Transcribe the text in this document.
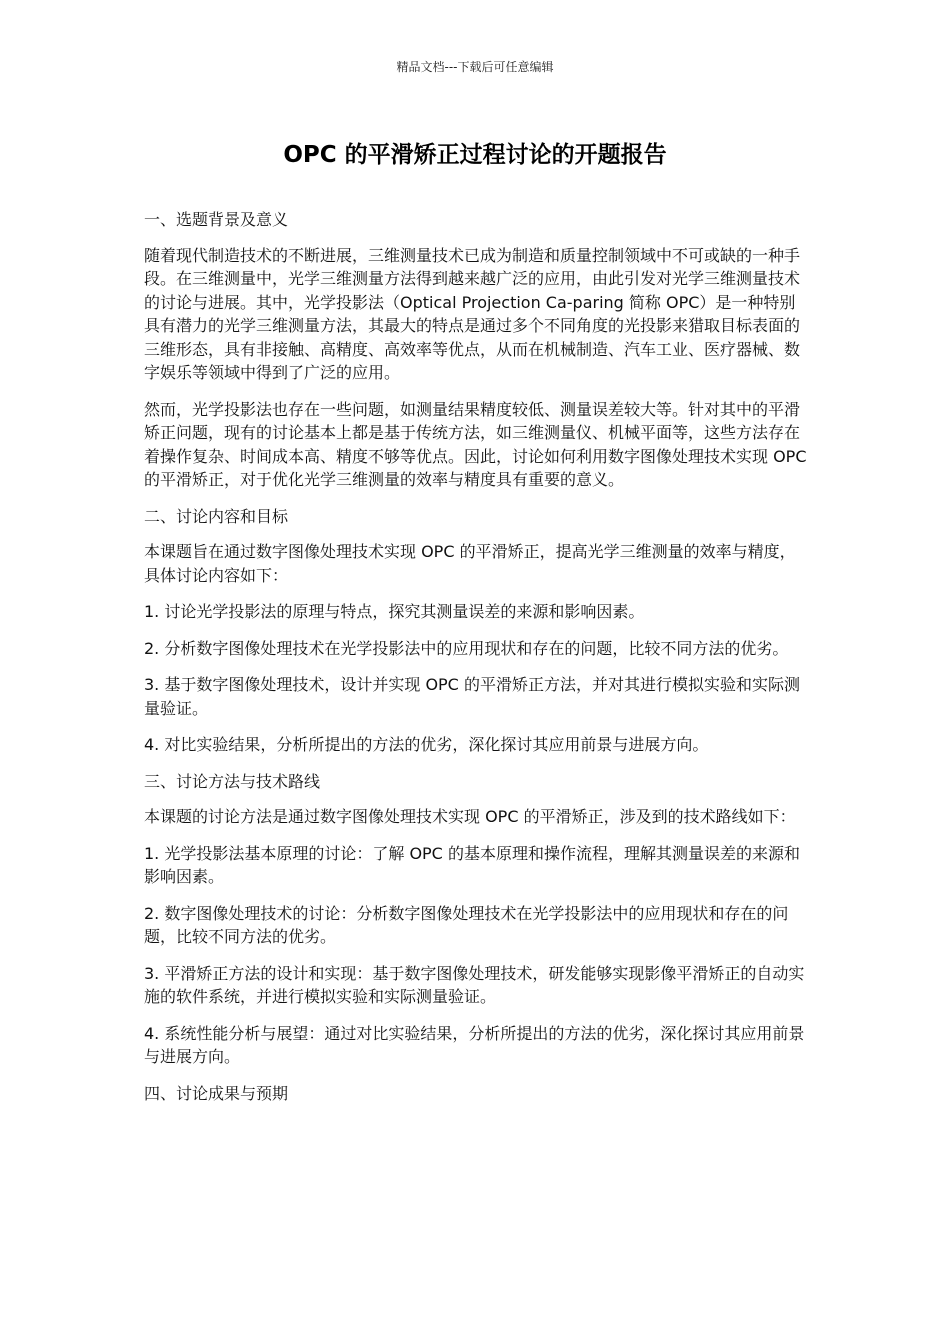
精品文档---下载后可任意编辑
OPC 的平滑矫正过程讨论的开题报告

一、选题背景及意义

随着现代制造技术的不断进展，三维测量技术已成为制造和质量控制领域中不可或缺的一种手段。在三维测量中，光学三维测量方法得到越来越广泛的应用，由此引发对光学三维测量技术的讨论与进展。其中，光学投影法（Optical Projection Ca-paring 简称 OPC）是一种特别具有潜力的光学三维测量方法，其最大的特点是通过多个不同角度的光投影来猎取目标表面的三维形态，具有非接触、高精度、高效率等优点，从而在机械制造、汽车工业、医疗器械、数字娱乐等领域中得到了广泛的应用。

然而，光学投影法也存在一些问题，如测量结果精度较低、测量误差较大等。针对其中的平滑矫正问题，现有的讨论基本上都是基于传统方法，如三维测量仪、机械平面等，这些方法存在着操作复杂、时间成本高、精度不够等优点。因此，讨论如何利用数字图像处理技术实现 OPC 的平滑矫正，对于优化光学三维测量的效率与精度具有重要的意义。

二、讨论内容和目标

本课题旨在通过数字图像处理技术实现 OPC 的平滑矫正，提高光学三维测量的效率与精度，具体讨论内容如下：

1. 讨论光学投影法的原理与特点，探究其测量误差的来源和影响因素。

2. 分析数字图像处理技术在光学投影法中的应用现状和存在的问题，比较不同方法的优劣。

3. 基于数字图像处理技术，设计并实现 OPC 的平滑矫正方法，并对其进行模拟实验和实际测量验证。

4. 对比实验结果，分析所提出的方法的优劣，深化探讨其应用前景与进展方向。

三、讨论方法与技术路线

本课题的讨论方法是通过数字图像处理技术实现 OPC 的平滑矫正，涉及到的技术路线如下：

1. 光学投影法基本原理的讨论：了解 OPC 的基本原理和操作流程，理解其测量误差的来源和影响因素。

2. 数字图像处理技术的讨论：分析数字图像处理技术在光学投影法中的应用现状和存在的问题，比较不同方法的优劣。

3. 平滑矫正方法的设计和实现：基于数字图像处理技术，研发能够实现影像平滑矫正的自动实施的软件系统，并进行模拟实验和实际测量验证。

4. 系统性能分析与展望：通过对比实验结果，分析所提出的方法的优劣，深化探讨其应用前景与进展方向。

四、讨论成果与预期
